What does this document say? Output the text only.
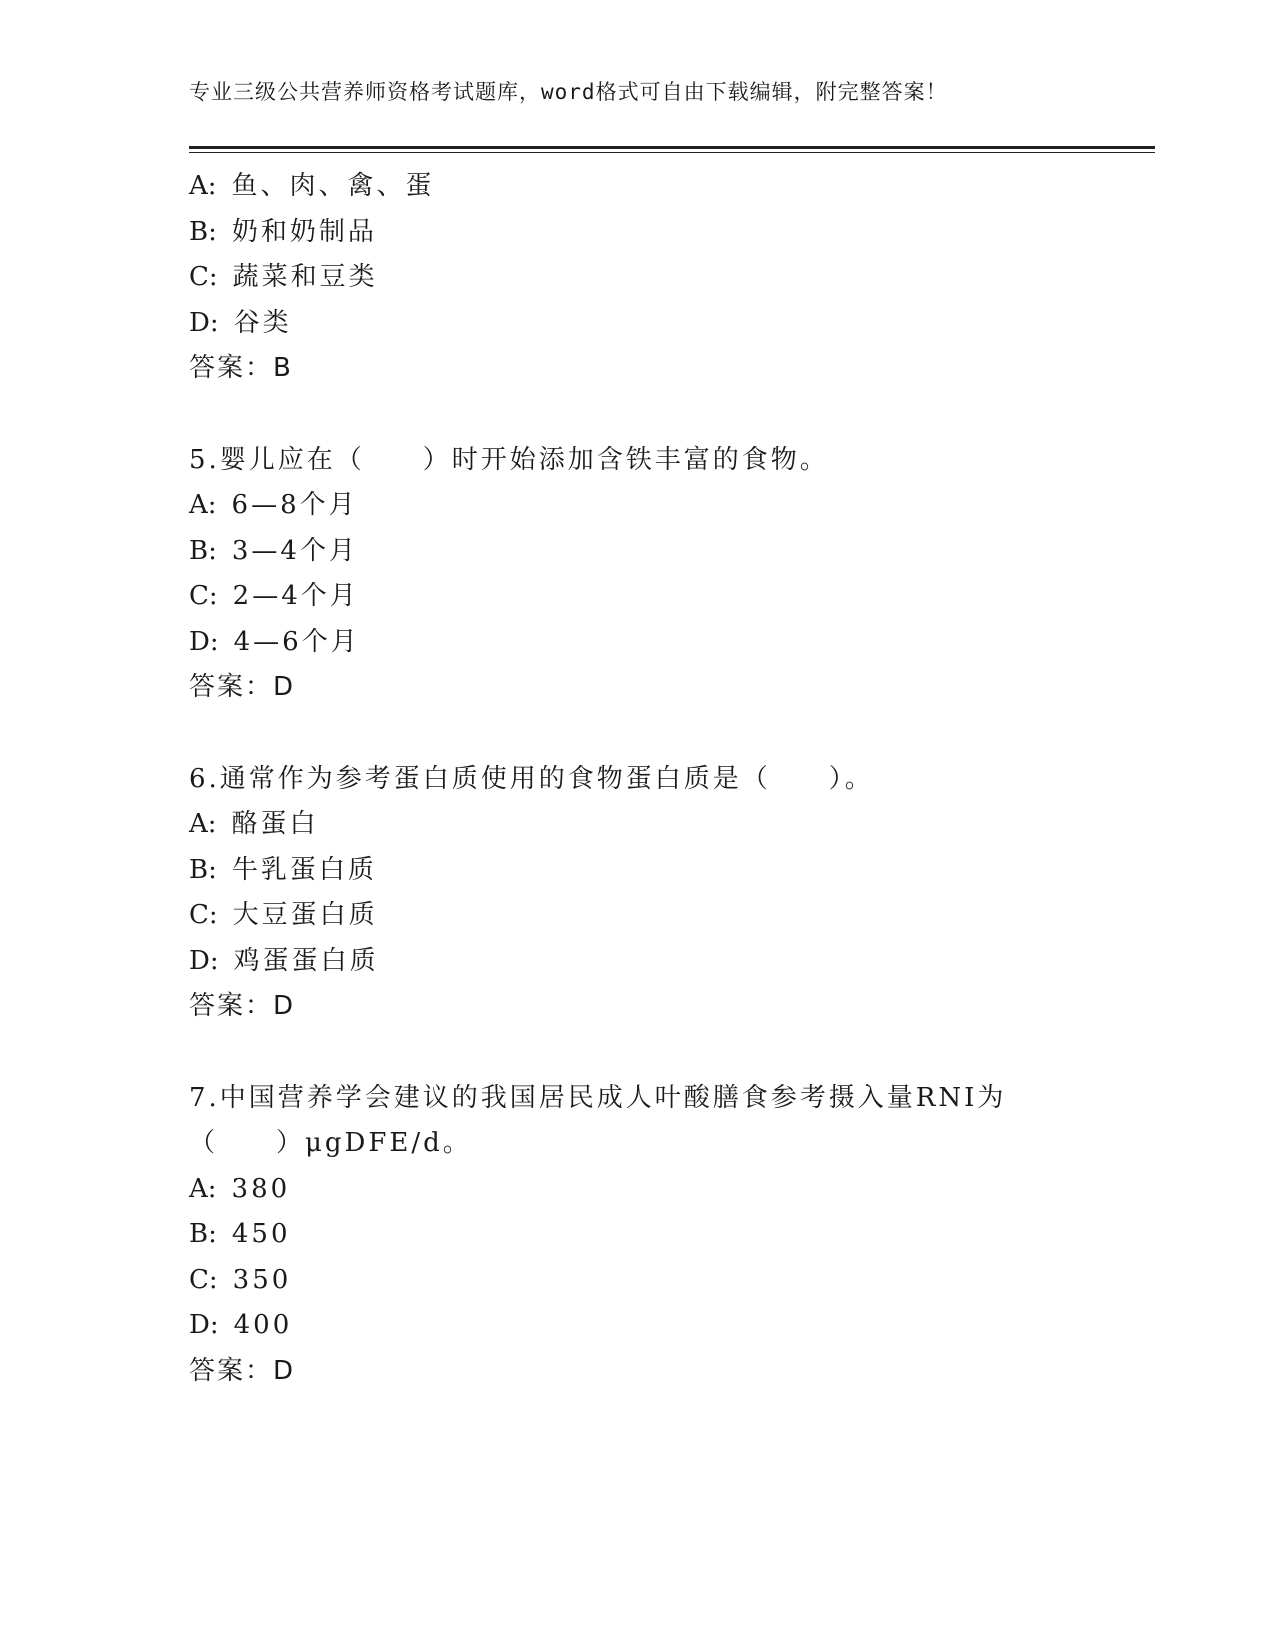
专业三级公共营养师资格考试题库，word格式可自由下载编辑，附完整答案！
A: 鱼、肉、禽、蛋
B: 奶和奶制品
C: 蔬菜和豆类
D: 谷类
答案：B
5.婴儿应在（　　）时开始添加含铁丰富的食物。
A: 6—8个月
B: 3—4个月
C: 2—4个月
D: 4—6个月
答案：D
6.通常作为参考蛋白质使用的食物蛋白质是（　　）。
A: 酪蛋白
B: 牛乳蛋白质
C: 大豆蛋白质
D: 鸡蛋蛋白质
答案：D
7.中国营养学会建议的我国居民成人叶酸膳食参考摄入量RNI为（　　）μgDFE/d。
A: 380
B: 450
C: 350
D: 400
答案：D
